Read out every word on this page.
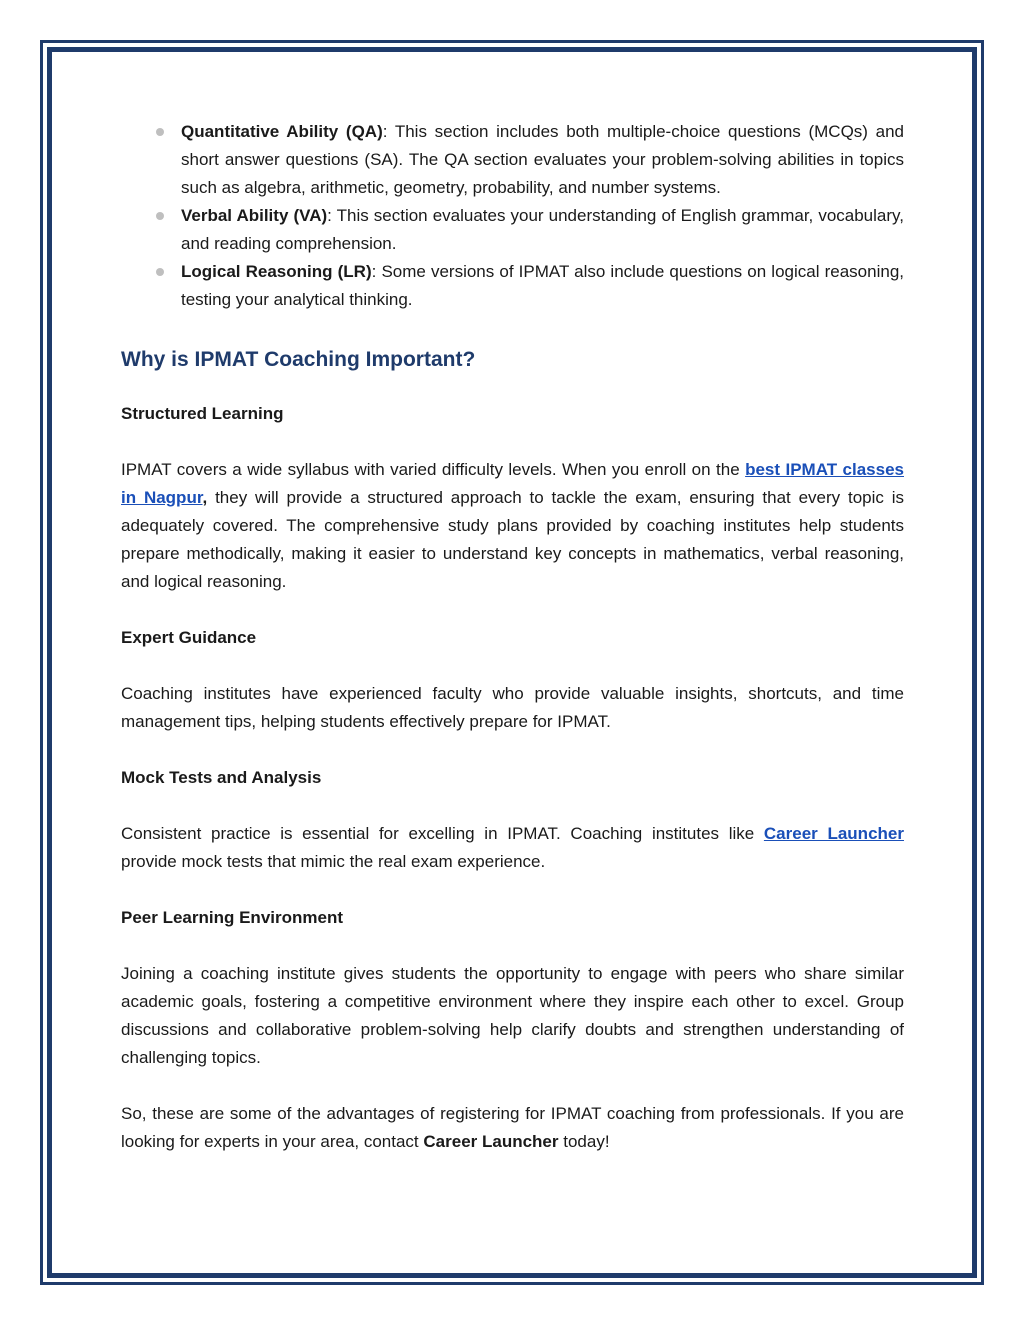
Quantitative Ability (QA): This section includes both multiple-choice questions (MCQs) and short answer questions (SA). The QA section evaluates your problem-solving abilities in topics such as algebra, arithmetic, geometry, probability, and number systems.
Verbal Ability (VA): This section evaluates your understanding of English grammar, vocabulary, and reading comprehension.
Logical Reasoning (LR): Some versions of IPMAT also include questions on logical reasoning, testing your analytical thinking.
Why is IPMAT Coaching Important?
Structured Learning

IPMAT covers a wide syllabus with varied difficulty levels. When you enroll on the best IPMAT classes in Nagpur, they will provide a structured approach to tackle the exam, ensuring that every topic is adequately covered. The comprehensive study plans provided by coaching institutes help students prepare methodically, making it easier to understand key concepts in mathematics, verbal reasoning, and logical reasoning.

Expert Guidance

Coaching institutes have experienced faculty who provide valuable insights, shortcuts, and time management tips, helping students effectively prepare for IPMAT.

Mock Tests and Analysis

Consistent practice is essential for excelling in IPMAT. Coaching institutes like Career Launcher provide mock tests that mimic the real exam experience.

Peer Learning Environment

Joining a coaching institute gives students the opportunity to engage with peers who share similar academic goals, fostering a competitive environment where they inspire each other to excel. Group discussions and collaborative problem-solving help clarify doubts and strengthen understanding of challenging topics.

So, these are some of the advantages of registering for IPMAT coaching from professionals. If you are looking for experts in your area, contact Career Launcher today!
